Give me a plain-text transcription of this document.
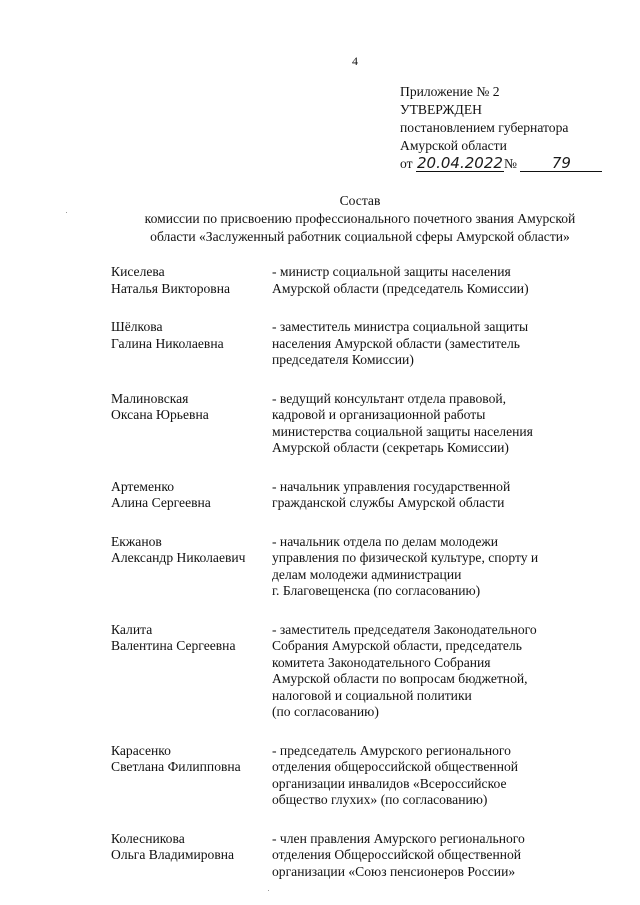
4
Приложение № 2
УТВЕРЖДЕН
постановлением губернатора
Амурской области
от 20.04.2022№ 79
Состав
комиссии по присвоению профессионального почетного звания Амурской
области «Заслуженный работник социальной сферы Амурской области»
Киселева
Наталья Викторовна
- министр социальной защиты населения
Амурской области (председатель Комиссии)
Шёлкова
Галина Николаевна
- заместитель министра социальной защиты
населения Амурской области (заместитель
председателя Комиссии)
Малиновская
Оксана Юрьевна
- ведущий консультант отдела правовой,
кадровой и организационной работы
министерства социальной защиты населения
Амурской области (секретарь Комиссии)
Артеменко
Алина Сергеевна
- начальник управления государственной
гражданской службы Амурской области
Екжанов
Александр Николаевич
- начальник отдела по делам молодежи
управления по физической культуре, спорту и
делам молодежи администрации
г. Благовещенска (по согласованию)
Калита
Валентина Сергеевна
- заместитель председателя Законодательного
Собрания Амурской области, председатель
комитета Законодательного Собрания
Амурской области по вопросам бюджетной,
налоговой и социальной политики
(по согласованию)
Карасенко
Светлана Филипповна
- председатель Амурского регионального
отделения общероссийской общественной
организации инвалидов «Всероссийское
общество глухих» (по согласованию)
Колесникова
Ольга Владимировна
- член правления Амурского регионального
отделения Общероссийской общественной
организации «Союз пенсионеров России»
